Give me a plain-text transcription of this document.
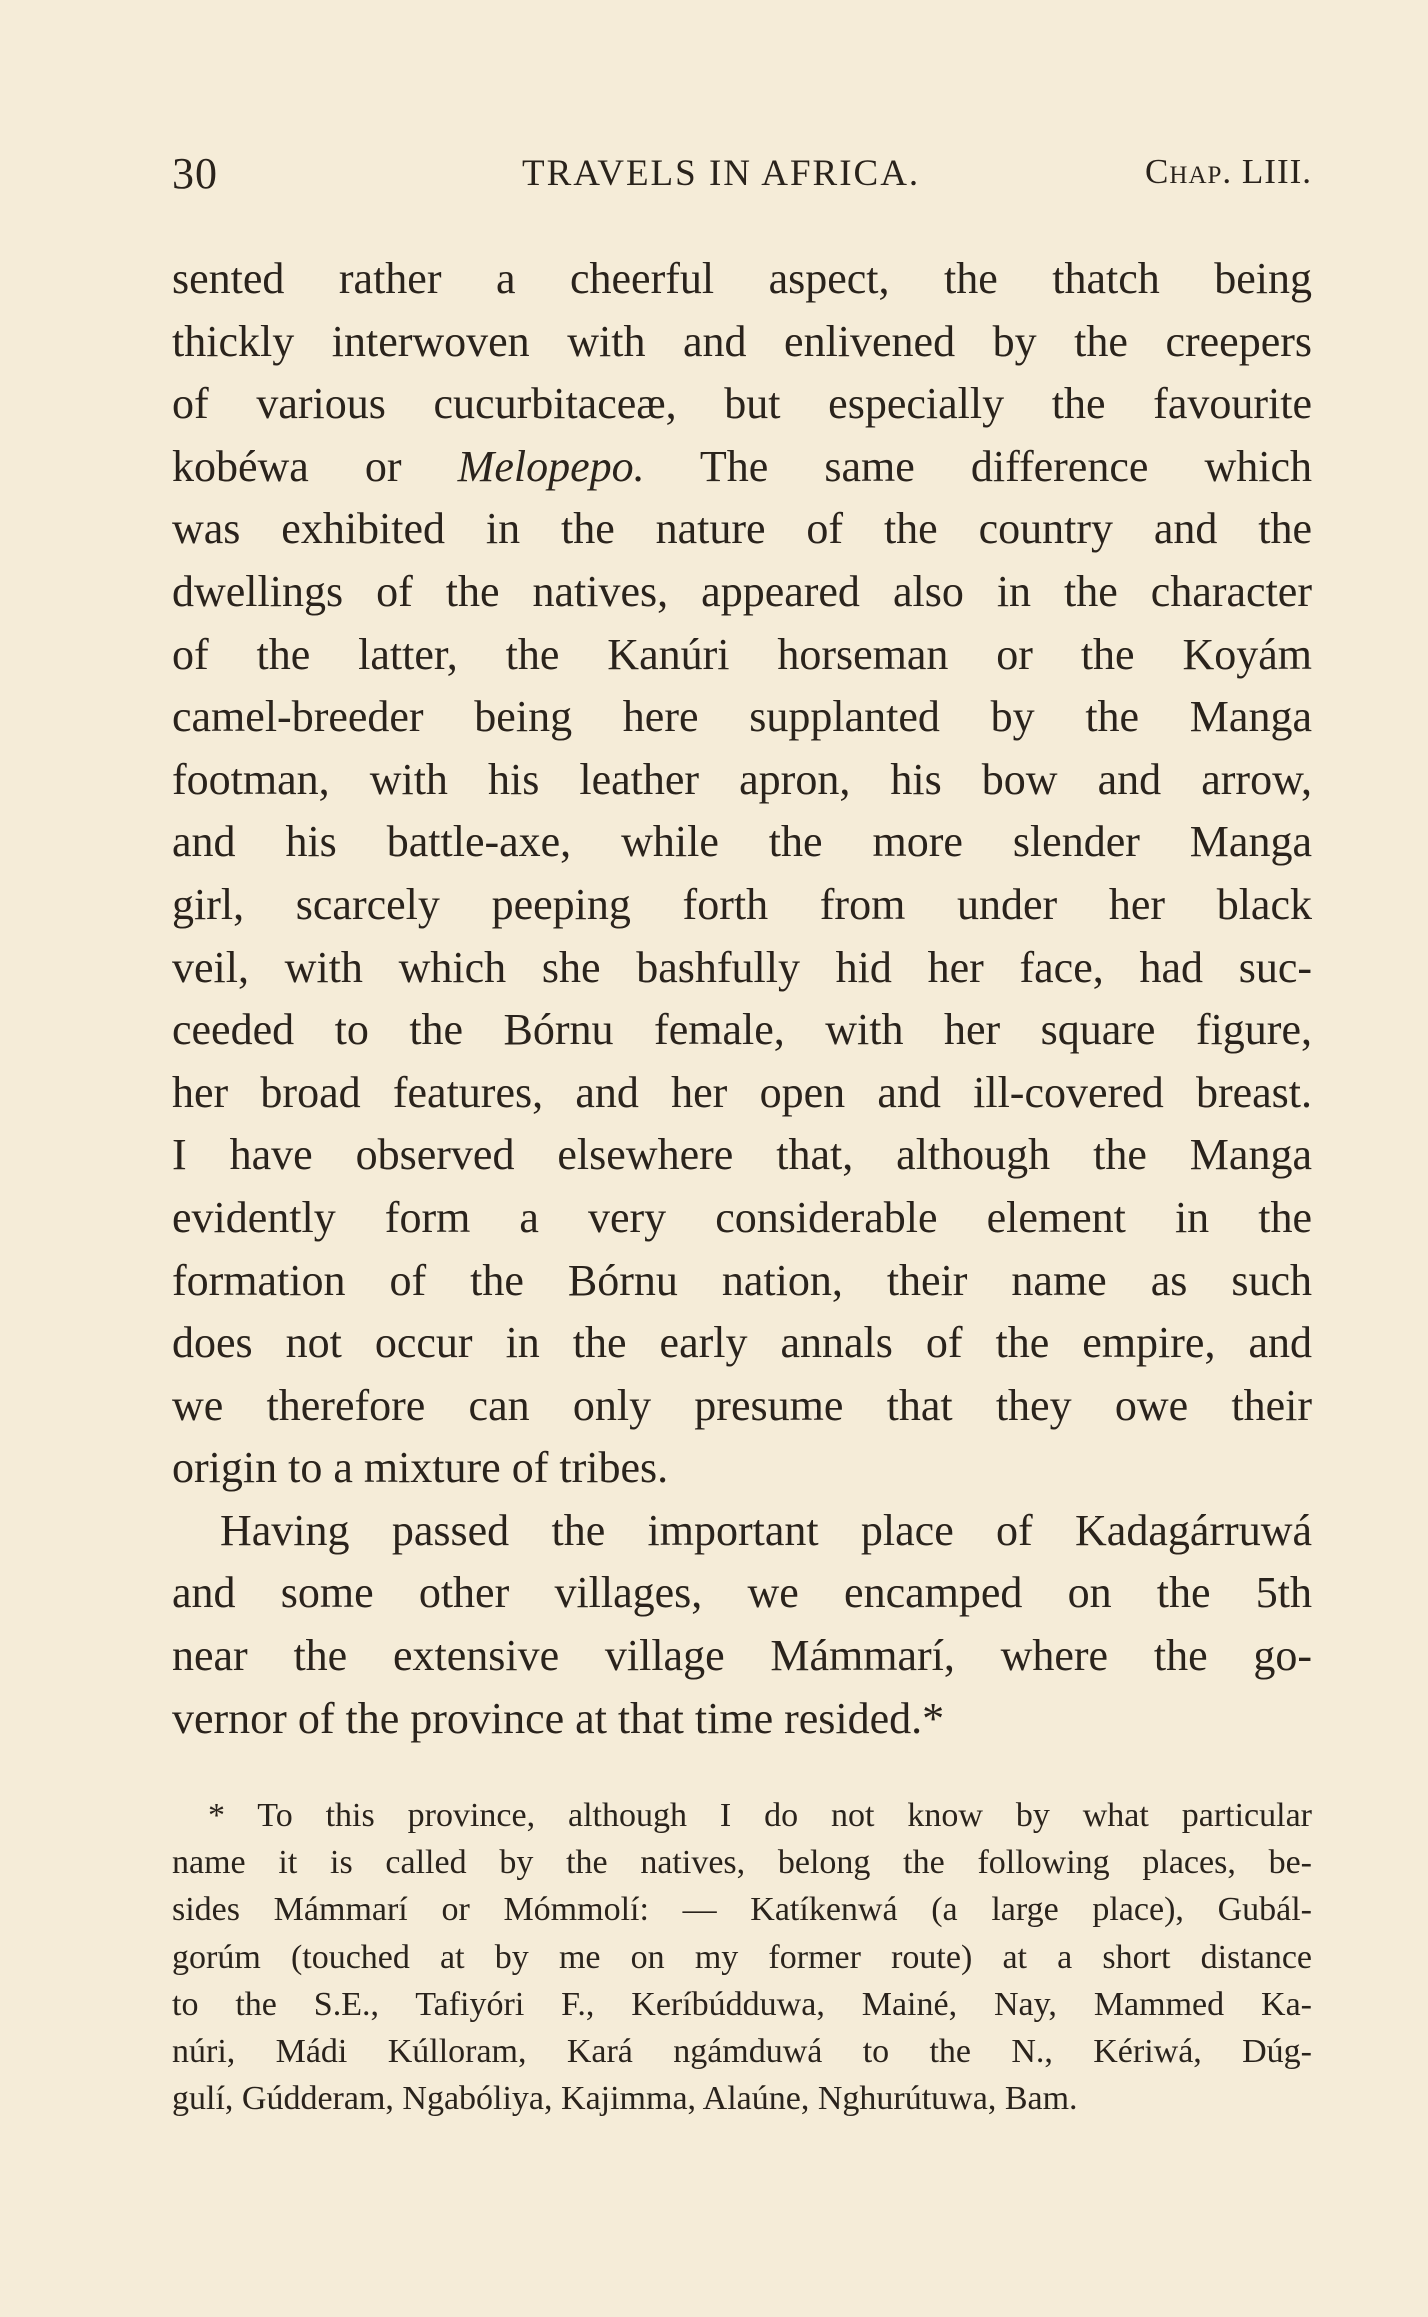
30	TRAVELS IN AFRICA.	Chap. LIII.
sented rather a cheerful aspect, the thatch being
thickly interwoven with and enlivened by the creepers
of various cucurbitaceæ, but especially the favourite
kobéwa or Melopepo. The same difference which
was exhibited in the nature of the country and the
dwellings of the natives, appeared also in the character
of the latter, the Kanúri horseman or the Koyám
camel-breeder being here supplanted by the Manga
footman, with his leather apron, his bow and arrow,
and his battle-axe, while the more slender Manga
girl, scarcely peeping forth from under her black
veil, with which she bashfully hid her face, had suc-
ceeded to the Bórnu female, with her square figure,
her broad features, and her open and ill-covered breast.
I have observed elsewhere that, although the Manga
evidently form a very considerable element in the
formation of the Bórnu nation, their name as such
does not occur in the early annals of the empire, and
we therefore can only presume that they owe their
origin to a mixture of tribes.
Having passed the important place of Kadagárruwá
and some other villages, we encamped on the 5th
near the extensive village Mámmarí, where the go-
vernor of the province at that time resided.*
* To this province, although I do not know by what particular
name it is called by the natives, belong the following places, be-
sides Mámmarí or Mómmolí: — Katíkenwá (a large place), Gubál-
gorúm (touched at by me on my former route) at a short distance
to the S.E., Tafiyóri F., Keríbúdduwa, Mainé, Nay, Mammed Ka-
núri, Mádi Kúlloram, Kará ngámduwá to the N., Kériwá, Dúg-
gulí, Gúdderam, Ngabóliya, Kajimma, Alaúne, Nghurútuwa, Bam.
